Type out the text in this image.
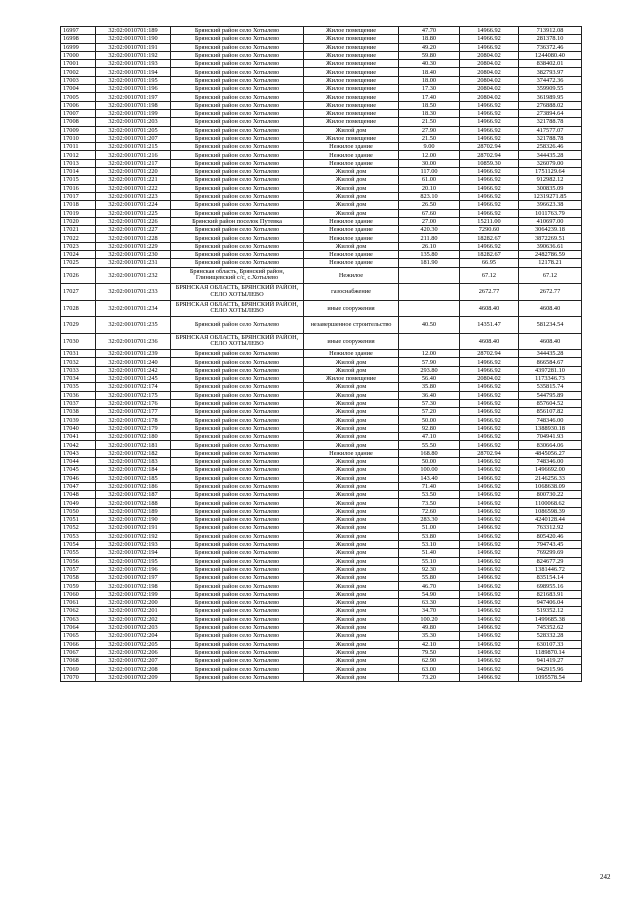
16997	32:02:0010701:189	Брянский район село Хотылево	Жилое помещение	47.70	14966.92	713912.08
16998	32:02:0010701:190	Брянский район село Хотылево	Жилое помещение	18.80	14966.92	281378.10
16999	32:02:0010701:191	Брянский район село Хотылево	Жилое помещение	49.20	14966.92	736372.46
17000	32:02:0010701:192	Брянский район село Хотылево	Жилое помещение	59.80	20804.02	1244080.40
17001	32:02:0010701:193	Брянский район село Хотылево	Жилое помещение	40.30	20804.02	838402.01
17002	32:02:0010701:194	Брянский район село Хотылево	Жилое помещение	18.40	20804.02	382793.97
17003	32:02:0010701:195	Брянский район село Хотылево	Жилое помещение	18.00	20804.02	374472.36
17004	32:02:0010701:196	Брянский район село Хотылево	Жилое помещение	17.30	20804.02	359909.55
17005	32:02:0010701:197	Брянский район село Хотылево	Жилое помещение	17.40	20804.02	361989.95
17006	32:02:0010701:198	Брянский район село Хотылево	Жилое помещение	18.50	14966.92	276888.02
17007	32:02:0010701:199	Брянский район село Хотылево	Жилое помещение	18.30	14966.92	273894.64
17008	32:02:0010701:203	Брянский район село Хотылево	Жилое помещение	21.50	14966.92	321788.78
17009	32:02:0010701:205	Брянский район село Хотылево	Жилой дом	27.90	14966.92	417577.07
17010	32:02:0010701:207	Брянский район село Хотылево	Жилое помещение	21.50	14966.92	321788.78
17011	32:02:0010701:215	Брянский район село Хотылево	Нежилое здание	9.00	28702.94	258326.46
17012	32:02:0010701:216	Брянский район село Хотылево	Нежилое здание	12.00	28702.94	344435.28
17013	32:02:0010701:217	Брянский район село Хотылево	Нежилое здание	30.00	10859.30	326079.00
17014	32:02:0010701:220	Брянский район село Хотылево	Жилой дом	117.00	14966.92	1751129.64
17015	32:02:0010701:221	Брянский район село Хотылево	Жилой дом	61.00	14966.92	912982.12
17016	32:02:0010701:222	Брянский район село Хотылево	Жилой дом	20.10	14966.92	300835.09
17017	32:02:0010701:223	Брянский район село Хотылево	Жилой дом	823.10	14966.92	12319271.85
17018	32:02:0010701:224	Брянский район село Хотылево	Жилой дом	26.50	14966.92	396623.38
17019	32:02:0010701:225	Брянский район село Хотылево	Жилой дом	67.60	14966.92	1011763.79
17020	32:02:0010701:226	Брянский район поселок Путевка	Нежилое здание	27.00	15211.00	410697.00
17021	32:02:0010701:227	Брянский район село Хотылево	Нежилое здание	420.30	7290.60	3064239.18
17022	32:02:0010701:228	Брянский район село Хотылево	Нежилое здание	211.80	18282.67	3872269.51
17023	32:02:0010701:229	Брянский район село Хотылево	Жилой дом	26.10	14966.92	390636.61
17024	32:02:0010701:230	Брянский район село Хотылево	Нежилое здание	135.80	18282.67	2482786.59
17025	32:02:0010701:231	Брянский район село Хотылево	Нежилое здание	181.90	66.95	12178.21
17026	32:02:0010701:232	Брянская область, Брянский район, Глинищевский с/с, с.Хотылево	Нежилое		67.12	67.12
17027	32:02:0010701:233	БРЯНСКАЯ ОБЛАСТЬ, БРЯНСКИЙ РАЙОН, СЕЛО ХОТЫЛЕВО	газоснабжение		2672.77	2672.77
17028	32:02:0010701:234	БРЯНСКАЯ ОБЛАСТЬ, БРЯНСКИЙ РАЙОН, СЕЛО ХОТЫЛЕВО	иные сооружения		4608.40	4608.40
17029	32:02:0010701:235	Брянский район село Хотылево	незавершенное строительство	40.50	14351.47	581234.54
17030	32:02:0010701:236	БРЯНСКАЯ ОБЛАСТЬ, БРЯНСКИЙ РАЙОН, СЕЛО ХОТЫЛЕВО	иные сооружения		4608.40	4608.40
17031	32:02:0010701:239	Брянский район село Хотылево	Нежилое здание	12.00	28702.94	344435.28
17032	32:02:0010701:240	Брянский район село Хотылево	Жилой дом	57.90	14966.92	866584.67
17033	32:02:0010701:242	Брянский район село Хотылево	Жилой дом	293.80	14966.92	4397281.10
17034	32:02:0010701:245	Брянский район село Хотылево	Жилое помещение	56.40	20804.02	1173346.73
17035	32:02:0010702:174	Брянский район село Хотылево	Жилой дом	35.80	14966.92	535815.74
17036	32:02:0010702:175	Брянский район село Хотылево	Жилой дом	36.40	14966.92	544795.89
17037	32:02:0010702:176	Брянский район село Хотылево	Жилой дом	57.30	14966.92	857604.52
17038	32:02:0010702:177	Брянский район село Хотылево	Жилой дом	57.20	14966.92	856107.82
17039	32:02:0010702:178	Брянский район село Хотылево	Жилой дом	50.00	14966.92	748346.00
17040	32:02:0010702:179	Брянский район село Хотылево	Жилой дом	92.80	14966.92	1388930.18
17041	32:02:0010702:180	Брянский район село Хотылево	Жилой дом	47.10	14966.92	704941.93
17042	32:02:0010702:181	Брянский район село Хотылево	Жилой дом	55.50	14966.92	830664.06
17043	32:02:0010702:182	Брянский район село Хотылево	Нежилое здание	168.80	28702.94	4845056.27
17044	32:02:0010702:183	Брянский район село Хотылево	Жилой дом	50.00	14966.92	748346.00
17045	32:02:0010702:184	Брянский район село Хотылево	Жилой дом	100.00	14966.92	1496692.00
17046	32:02:0010702:185	Брянский район село Хотылево	Жилой дом	143.40	14966.92	2146256.33
17047	32:02:0010702:186	Брянский район село Хотылево	Жилой дом	71.40	14966.92	1068638.09
17048	32:02:0010702:187	Брянский район село Хотылево	Жилой дом	53.50	14966.92	800730.22
17049	32:02:0010702:188	Брянский район село Хотылево	Жилой дом	73.50	14966.92	1100068.62
17050	32:02:0010702:189	Брянский район село Хотылево	Жилой дом	72.60	14966.92	1086598.39
17051	32:02:0010702:190	Брянский район село Хотылево	Жилой дом	283.30	14966.92	4240128.44
17052	32:02:0010702:191	Брянский район село Хотылево	Жилой дом	51.00	14966.92	763312.92
17053	32:02:0010702:192	Брянский район село Хотылево	Жилой дом	53.80	14966.92	805420.46
17054	32:02:0010702:193	Брянский район село Хотылево	Жилой дом	53.10	14966.92	794743.45
17055	32:02:0010702:194	Брянский район село Хотылево	Жилой дом	51.40	14966.92	769299.69
17056	32:02:0010702:195	Брянский район село Хотылево	Жилой дом	55.10	14966.92	824677.29
17057	32:02:0010702:196	Брянский район село Хотылево	Жилой дом	92.30	14966.92	1381446.72
17058	32:02:0010702:197	Брянский район село Хотылево	Жилой дом	55.80	14966.92	835154.14
17059	32:02:0010702:198	Брянский район село Хотылево	Жилой дом	46.70	14966.92	698955.16
17060	32:02:0010702:199	Брянский район село Хотылево	Жилой дом	54.90	14966.92	821683.91
17061	32:02:0010702:200	Брянский район село Хотылево	Жилой дом	63.30	14966.92	947406.04
17062	32:02:0010702:201	Брянский район село Хотылево	Жилой дом	34.70	14966.92	519352.12
17063	32:02:0010702:202	Брянский район село Хотылево	Жилой дом	100.20	14966.92	1499685.38
17064	32:02:0010702:203	Брянский район село Хотылево	Жилой дом	49.80	14966.92	745352.62
17065	32:02:0010702:204	Брянский район село Хотылево	Жилой дом	35.30	14966.92	528332.28
17066	32:02:0010702:205	Брянский район село Хотылево	Жилой дом	42.10	14966.92	630107.33
17067	32:02:0010702:206	Брянский район село Хотылево	Жилой дом	79.50	14966.92	1189870.14
17068	32:02:0010702:207	Брянский район село Хотылево	Жилой дом	62.90	14966.92	941419.27
17069	32:02:0010702:208	Брянский район село Хотылево	Жилой дом	63.00	14966.92	942915.96
17070	32:02:0010702:209	Брянский район село Хотылево	Жилой дом	73.20	14966.92	1095578.54
242
